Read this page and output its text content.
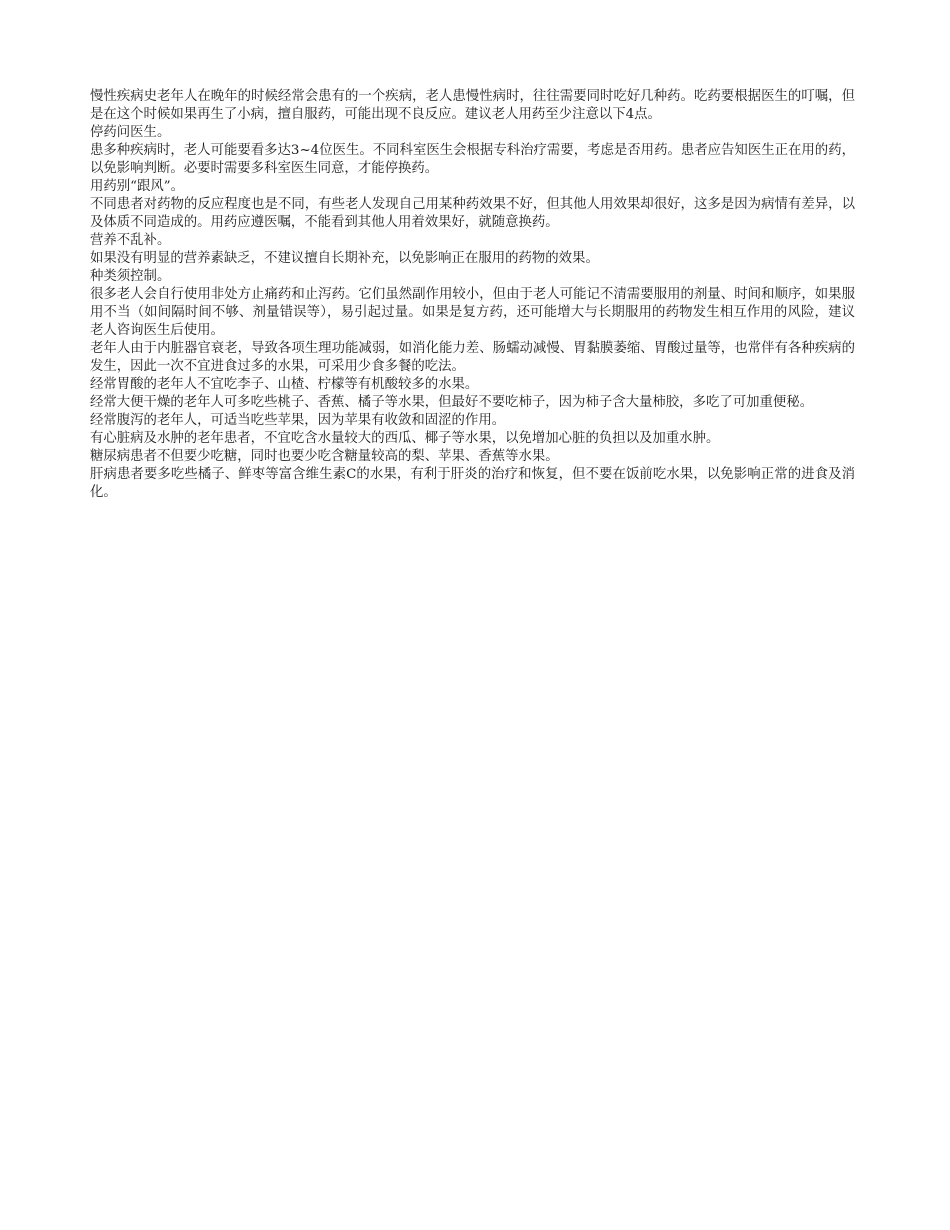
慢性疾病史老年人在晚年的时候经常会患有的一个疾病，老人患慢性病时，往往需要同时吃好几种药。吃药要根据医生的叮嘱，但是在这个时候如果再生了小病，擅自服药，可能出现不良反应。建议老人用药至少注意以下4点。

停药问医生。

患多种疾病时，老人可能要看多达3~4位医生。不同科室医生会根据专科治疗需要，考虑是否用药。患者应告知医生正在用的药，以免影响判断。必要时需要多科室医生同意，才能停换药。

用药别“跟风”。

不同患者对药物的反应程度也是不同，有些老人发现自己用某种药效果不好，但其他人用效果却很好，这多是因为病情有差异，以及体质不同造成的。用药应遵医嘱，不能看到其他人用着效果好，就随意换药。

营养不乱补。

如果没有明显的营养素缺乏，不建议擅自长期补充，以免影响正在服用的药物的效果。

种类须控制。

很多老人会自行使用非处方止痛药和止泻药。它们虽然副作用较小，但由于老人可能记不清需要服用的剂量、时间和顺序，如果服用不当（如间隔时间不够、剂量错误等），易引起过量。如果是复方药，还可能增大与长期服用的药物发生相互作用的风险，建议老人咨询医生后使用。

老年人由于内脏器官衰老，导致各项生理功能减弱，如消化能力差、肠蠕动减慢、胃黏膜萎缩、胃酸过量等，也常伴有各种疾病的发生，因此一次不宜进食过多的水果，可采用少食多餐的吃法。

经常胃酸的老年人不宜吃李子、山楂、柠檬等有机酸较多的水果。

经常大便干燥的老年人可多吃些桃子、香蕉、橘子等水果，但最好不要吃柿子，因为柿子含大量柿胶，多吃了可加重便秘。

经常腹泻的老年人，可适当吃些苹果，因为苹果有收敛和固涩的作用。

有心脏病及水肿的老年患者，不宜吃含水量较大的西瓜、椰子等水果，以免增加心脏的负担以及加重水肿。

糖尿病患者不但要少吃糖，同时也要少吃含糖量较高的梨、苹果、香蕉等水果。

肝病患者要多吃些橘子、鲜枣等富含维生素C的水果，有利于肝炎的治疗和恢复，但不要在饭前吃水果，以免影响正常的进食及消化。
